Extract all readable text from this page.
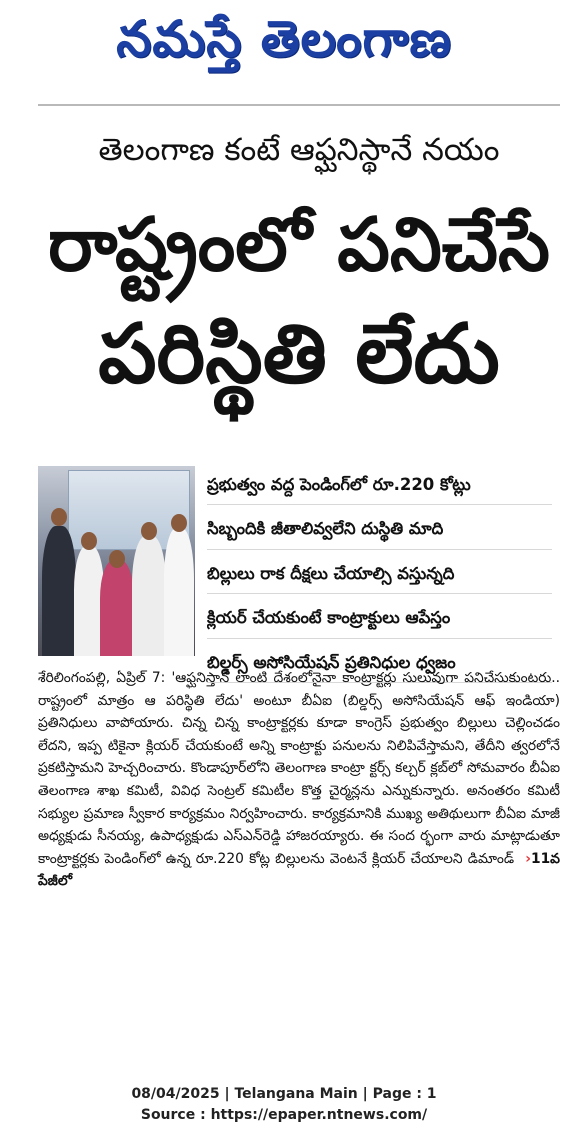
నమస్తే తెలంగాణ
తెలంగాణ కంటే ఆఫ్ఘనిస్థానే నయం
రాష్ట్రంలో పనిచేసే
పరిస్థితి లేదు
ప్రభుత్వం వద్ద పెండింగ్‌లో రూ.220 కోట్లు
సిబ్బందికి జీతాలివ్వలేని దుస్థితి మాది
బిల్లులు రాక దీక్షలు చేయాల్సి వస్తున్నది
క్లియర్ చేయకుంటే కాంట్రాక్టులు ఆపేస్తం
బిల్డర్స్ అసోసియేషన్ ప్రతినిధుల ధ్వజం

శేరిలింగంపల్లి, ఏప్రిల్ 7: 'ఆఫ్ఘనిస్తాన్ లాంటి దేశంలోనైనా కాంట్రాక్టర్లు సులువుగా పనిచేసుకుంటరు.. రాష్ట్రంలో మాత్రం ఆ పరిస్థితి లేదు' అంటూ బీఏఐ (బిల్డర్స్ అసోసియేషన్ ఆఫ్ ఇండియా) ప్రతినిధులు వాపోయారు. చిన్న చిన్న కాంట్రాక్టర్లకు కూడా కాంగ్రెస్ ప్రభుత్వం బిల్లులు చెల్లించడం లేదని, ఇప్ప టికైనా క్లియర్ చేయకుంటే అన్ని కాంట్రాక్టు పనులను నిలిపివేస్తామని, తేదీని త్వరలోనే ప్రకటిస్తామని హెచ్చరించారు. కొండాపూర్‌లోని తెలంగాణ కాంట్రా క్టర్స్ కల్చర్ క్లబ్‌లో సోమవారం బీఏఐ తెలంగాణ శాఖ కమిటీ, వివిధ సెంట్రల్ కమిటీల కొత్త చైర్మన్లను ఎన్నుకున్నారు. అనంతరం కమిటీ సభ్యుల ప్రమాణ స్వీకార కార్యక్రమం నిర్వహించారు. కార్యక్రమానికి ముఖ్య అతిథులుగా బీఏఐ మాజీ అధ్యక్షుడు సీనయ్య, ఉపాధ్యక్షుడు ఎస్ఎన్‌రెడ్డి హాజరయ్యారు. ఈ సంద ర్భంగా వారు మాట్లాడుతూ కాంట్రాక్టర్లకు పెండింగ్‌లో ఉన్న రూ.220 కోట్ల బిల్లులను వెంటనే క్లియర్ చేయాలని డిమాండ్ ›11వ పేజీలో

08/04/2025 | Telangana Main | Page : 1
Source : https://epaper.ntnews.com/
